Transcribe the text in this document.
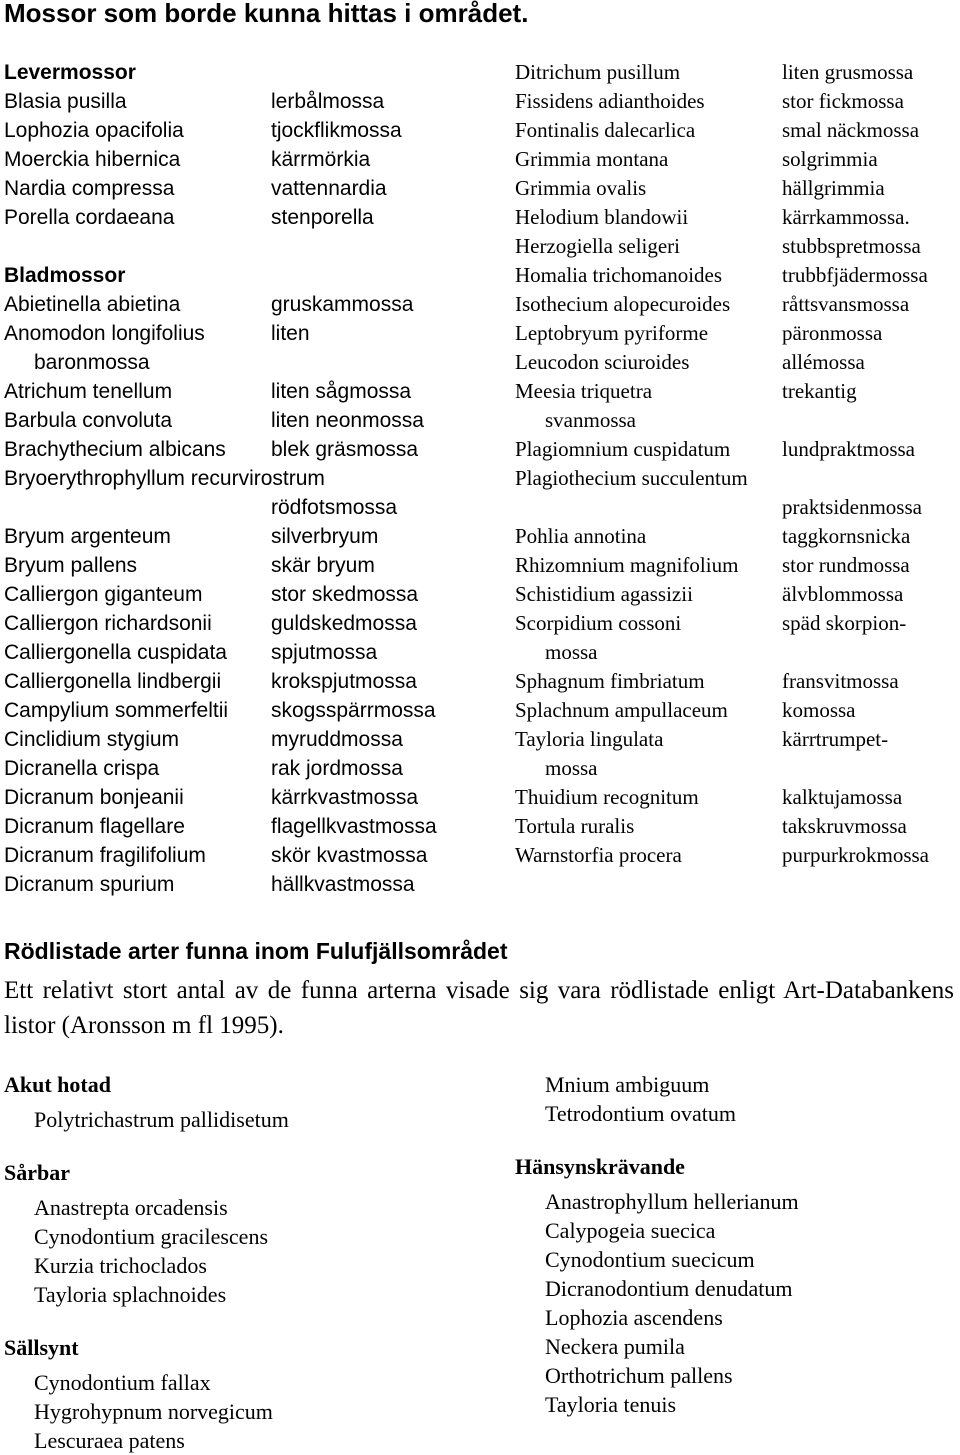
Mossor som borde kunna hittas i området.
Levermossor
Blasia pusilla	lerbålmossa
Lophozia opacifolia	tjockflikmossa
Moerckia hibernica	kärrmörkia
Nardia compressa	vattennardia
Porella cordaeana	stenporella
Bladmossor
Abietinella abietina	gruskammossa
Anomodon longifolius	liten
baronmossa
Atrichum tenellum	liten sågmossa
Barbula convoluta	liten neonmossa
Brachythecium albicans blek gräsmossa
Bryoerythrophyllum recurvirostrum
rödfotsmossa
Bryum argenteum	silverbryum
Bryum pallens	skär bryum
Calliergon giganteum	stor skedmossa
Calliergon richardsonii	guldskedmossa
Calliergonella cuspidata spjutmossa
Calliergonella lindbergii krokspjutmossa
Campylium sommerfeltii skogsspärrmossa
Cinclidium stygium	myruddmossa
Dicranella crispa	rak jordmossa
Dicranum bonjeanii	kärrkvastmossa
Dicranum flagellare	flagellkvastmossa
Dicranum fragilifolium	skör kvastmossa
Dicranum spurium	hällkvastmossa
Ditrichum pusillum	liten grusmossa
Fissidens adianthoides	stor fickmossa
Fontinalis dalecarlica	smal näckmossa
Grimmia montana	solgrimmia
Grimmia ovalis	hällgrimmia
Helodium blandowii	kärrkammossa.
Herzogiella seligeri	stubbspretmossa
Homalia trichomanoides	trubbfjädermossa
Isothecium alopecuroides råttsvansmossa
Leptobryum pyriforme	päronmossa
Leucodon sciuroides	allémossa
Meesia triquetra	trekantig
svanmossa
Plagiomnium cuspidatum lundpraktmossa
Plagiothecium succulentum
praktsidenmossa
Pohlia annotina	taggkornsnicka
Rhizomnium magnifolium stor rundmossa
Schistidium agassizii	älvblommossa
Scorpidium cossoni	späd skorpion-
mossa
Sphagnum fimbriatum	fransvitmossa
Splachnum ampullaceum	komossa
Tayloria lingulata	kärrtrumpet-
mossa
Thuidium recognitum	kalktujamossa
Tortula ruralis	takskruvmossa
Warnstorfia procera	purpurkrokmossa
Rödlistade arter funna inom Fulufjällsområdet
Ett relativt stort antal av de funna arterna visade sig vara rödlistade enligt Art-Databankens listor (Aronsson m fl 1995).
Akut hotad
Polytrichastrum pallidisetum
Sårbar
Anastrepta orcadensis
Cynodontium gracilescens
Kurzia trichoclados
Tayloria splachnoides
Sällsynt
Cynodontium fallax
Hygrohypnum norvegicum
Lescuraea patens
Mnium ambiguum
Tetrodontium ovatum
Hänsynskrävande
Anastrophyllum hellerianum
Calypogeia suecica
Cynodontium suecicum
Dicranodontium denudatum
Lophozia ascendens
Neckera pumila
Orthotrichum pallens
Tayloria tenuis
